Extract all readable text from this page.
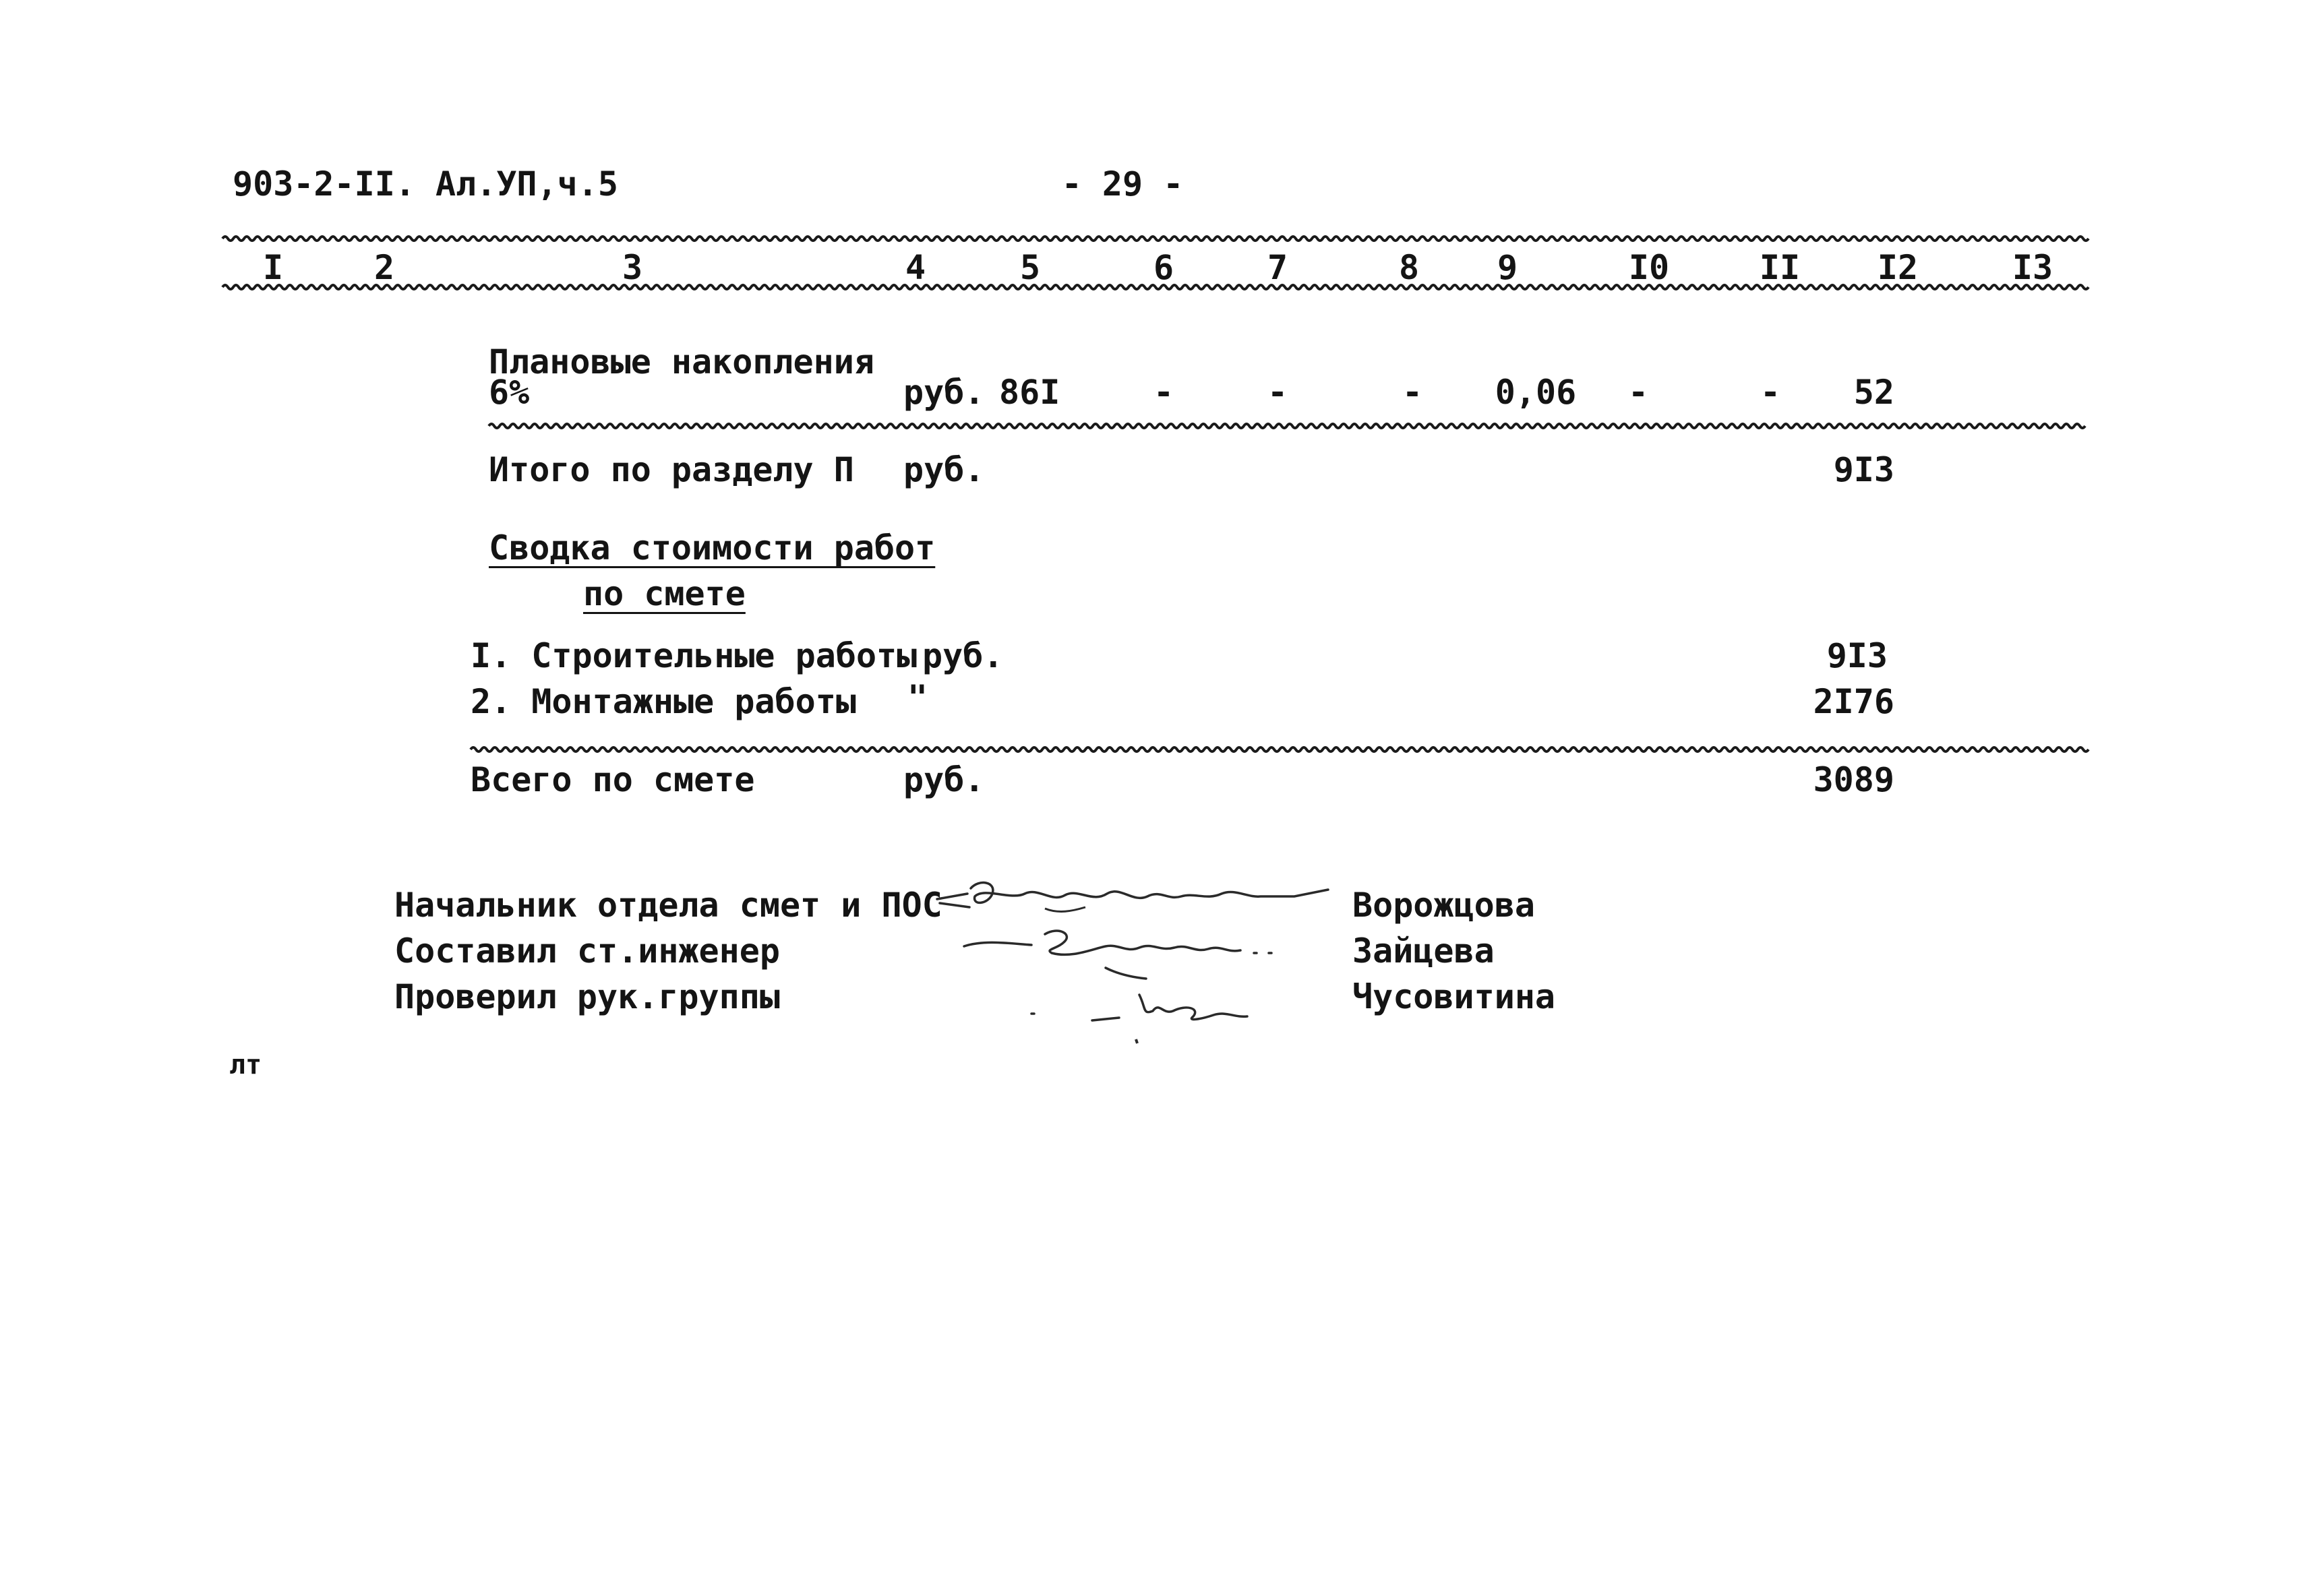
903-2-II. Ал.УП,ч.5	- 29 -
I	2	3	4	5	6	7	8 9	I0	II I2	I3
Плановые накопления
6%	руб. 86I	-	-	- 0,06 -	- 52
Итого по разделу П руб.	9I3
Сводка стоимости работ
по смете
I. Строительные работы руб.	9I3
2. Монтажные работы "	2I76
Всего по смете	руб.	3089
Начальник отдела смет и ПОС	Ворожцова
Составил ст.инженер	Зайцева
Проверил рук.группы	Чусовитина
лт
